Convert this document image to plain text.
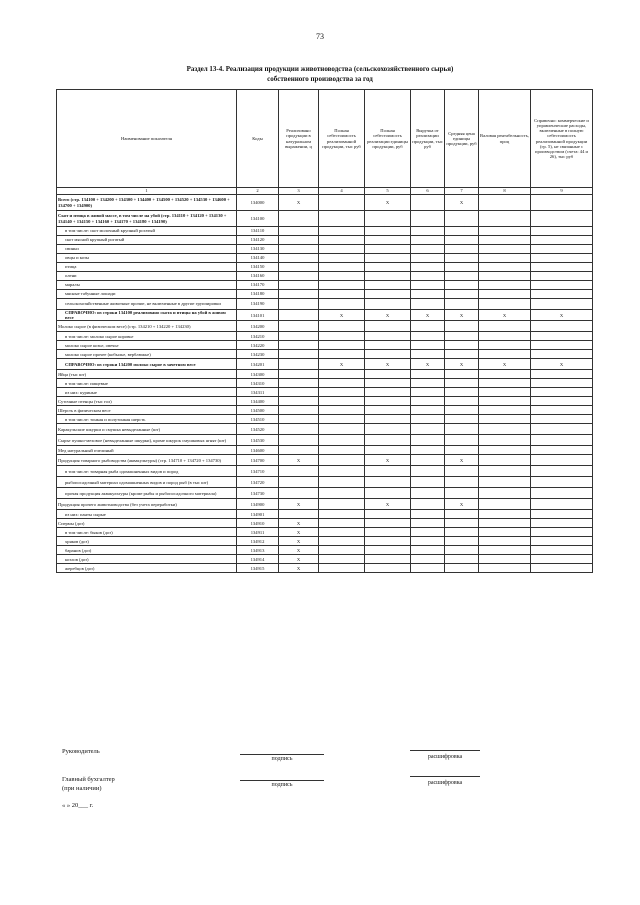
73
Раздел 13-4. Реализация продукции животноводства (сельскохозяйственного сырья)
собственного производства за год
Наименование показателя	Коды	Реализовано продукции в натуральном выражении, ц	Полная себестоимость реализованной продукции, тыс руб	Полная себестоимость реализации единицы продукции, руб	Выручка от реализации продукции, тыс руб	Средняя цена единицы продукции, руб	Валовая рентабельность, проц	Справочно: коммерческие и управленческие расходы, включенные в полную себестоимость реализованной продукции (гр. 5), не связанные с производством (счета: 44 и 26), тыс руб
1	2	3	4	5	6	7	8	9
Всего (стр. 134100 + 134200 + 134300 + 134400 + 134500 + 134520 + 134530 + 134600 + 134700 + 134900)	134000	X		X		X		
Скот и птица в живой массе, в том числе на убой (стр. 134110 + 134120 + 134130 + 134140 + 134150 + 134160 + 134170 + 134180 + 134190)	134100							
в том числе: скот молочный крупный рогатый	134110							
скот мясной крупный рогатый	134120							
свиньи	134130							
овцы и козы	134140							
птица	134150							
олени	134160							
маралы	134170							
мясные табунные лошади	134180							
сельскохозяйственные животные прочие, не включенные в другие группировки	134190							
СПРАВОЧНО: из строки 134100 реализовано скота и птицы на убой в живом весе	134101		X	X	X	X	X	X
Молоко сырое (в физическом весе) (стр. 134210 + 134220 + 134230)	134200							
в том числе: молоко сырое коровье	134210							
молоко сырое козье, овечье	134220							
молоко сырое прочее (кобылье, верблюжье)	134230							
СПРАВОЧНО: из строки 134200 молоко сырое в зачетном весе	134201		X	X	X	X	X	X
Яйца (тыс шт)	134300							
в том числе: пищевые	134310							
из них: куриные	134311							
Суточные птенцы (тыс гол)	134400							
Шерсть в физическом весе	134500							
в том числе: тонкая и полутонкая шерсть	134510							
Каракульские шкурки и смушка невыделанные (шт)	134520							
Сырье пушно-меховое (невыделанные шкурки), кроме шкурок смушковых ягнят (шт)	134530							
Мед натуральный пчелиный	134600							
Продукция товарного рыбоводства (аквакультуры) (стр. 134710 + 134720 + 134730)	134700	X		X		X		
в том числе: товарная рыба одомашненных видов и пород	134710							
рыбопосадочный материал одомашненных видов и пород рыб (в тыс шт)	134720							
прочая продукция аквакультуры (кроме рыбы и рыбопосадочного материала)	134730							
Продукция прочего животноводства (без учета переработки)	134900	X		X		X		
из них: панты сырые	134901							
Спермы (доз)	134910	X						
в том числе: быков (доз)	134911	X						
хряков (доз)	134912	X						
баранов (доз)	134913	X						
козлов (доз)	134914	X						
жеребцов (доз)	134915	X						
Руководитель
подпись	расшифровка
Главный бухгалтер
(при наличии)	подпись	расшифровка
« » 20___ г.
